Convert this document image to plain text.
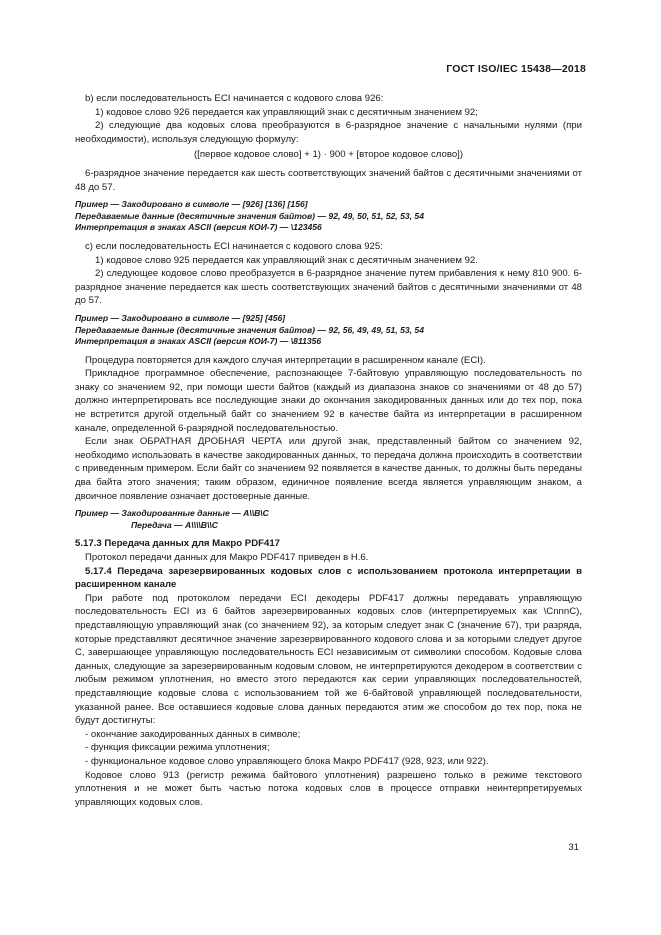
ГОСТ ISO/IEC 15438—2018

b) если последовательность ECI начинается с кодового слова 926:

1) кодовое слово 926 передается как управляющий знак с десятичным значением 92;

2) следующие два кодовых слова преобразуются в 6-разрядное значение с начальными нулями (при необходимости), используя следующую формулу:

([первое кодовое слово] + 1) · 900 + [второе кодовое слово])

6-разрядное значение передается как шесть соответствующих значений байтов с десятичными значениями от 48 до 57.

Пример — Закодировано в символе — [926] [136] [156]

Передаваемые данные (десятичные значения байтов) — 92, 49, 50, 51, 52, 53, 54

Интерпретация в знаках ASCII (версия КОИ-7) — \123456

c) если последовательность ECI начинается с кодового слова 925:

1) кодовое слово 925 передается как управляющий знак с десятичным значением 92.

2) следующее кодовое слово преобразуется в 6-разрядное значение путем прибавления к нему 810 900. 6-разрядное значение передается как шесть соответствующих значений байтов с десятичными значениями от 48 до 57.

Пример — Закодировано в символе — [925] [456]

Передаваемые данные (десятичные значения байтов) — 92, 56, 49, 49, 51, 53, 54

Интерпретация в знаках ASCII (версия КОИ-7) — \811356

Процедура повторяется для каждого случая интерпретации в расширенном канале (ECI).

Прикладное программное обеспечение, распознающее 7-байтовую управляющую последовательность по знаку со значением 92, при помощи шести байтов (каждый из диапазона знаков со значениями от 48 до 57) должно интерпретировать все последующие знаки до окончания закодированных данных или до тех пор, пока не встретится другой отдельный байт со значением 92 в качестве байта из интерпретации в расширенном канале, определенной 6-разрядной последовательностью.

Если знак ОБРАТНАЯ ДРОБНАЯ ЧЕРТА или другой знак, представленный байтом со значением 92, необходимо использовать в качестве закодированных данных, то передача должна происходить в соответствии с приведенным примером. Если байт со значением 92 появляется в качестве данных, то должны быть переданы два байта этого значения; таким образом, единичное появление всегда является управляющим знаком, а двоичное появление означает достоверные данные.

Пример — Закодированные данные — A\\B\C

Передача — A\\\\B\\C

5.17.3 Передача данных для Макро PDF417

Протокол передачи данных для Макро PDF417 приведен в Н.6.

5.17.4 Передача зарезервированных кодовых слов с использованием протокола интерпретации в расширенном канале

При работе под протоколом передачи ECI декодеры PDF417 должны передавать управляющую последовательность ECI из 6 байтов зарезервированных кодовых слов (интерпретируемых как \CnnnC), представляющую управляющий знак (со значением 92), за которым следует знак C (значение 67), три разряда, которые представляют десятичное значение зарезервированного кодового слова и за которыми следует другое C, завершающее управляющую последовательность ECI независимым от символики способом. Кодовые слова данных, следующие за зарезервированным кодовым словом, не интерпретируются декодером в соответствии с любым режимом уплотнения, но вместо этого передаются как серии управляющих последовательностей, представляющие кодовые слова с использованием той же 6-байтовой управляющей последовательности, указанной ранее. Все оставшиеся кодовые слова данных передаются этим же способом до тех пор, пока не будут достигнуты:

- окончание закодированных данных в символе;

- функция фиксации режима уплотнения;

- функциональное кодовое слово управляющего блока Макро PDF417 (928, 923, или 922).

Кодовое слово 913 (регистр режима байтового уплотнения) разрешено только в режиме текстового уплотнения и не может быть частью потока кодовых слов в процессе отправки неинтерпретируемых управляющих кодовых слов.

31
